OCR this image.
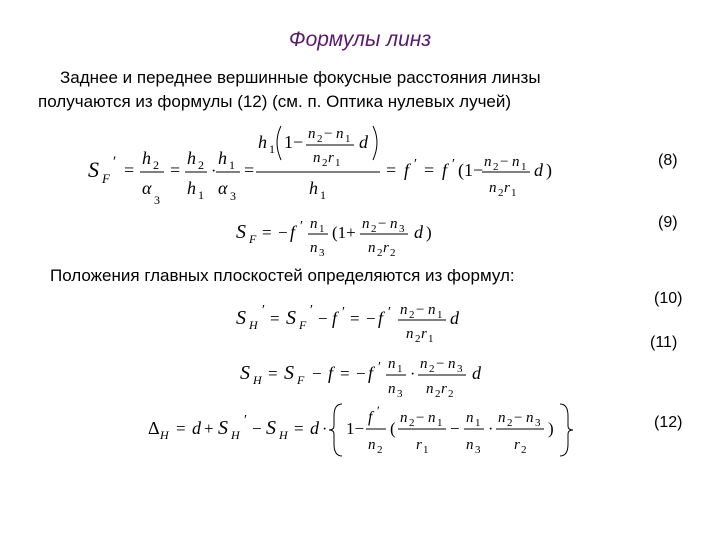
Формулы линз
Заднее и переднее вершинные фокусные расстояния линзы
получаются из формулы (12) (см. п. Оптика нулевых лучей)
S F
′ =
h 2
α
3
=
h 2
h 1
·
h 1
α 3
=
h 1 1− n 2 − n 1
n 2 r 1
d
h 1
= f ′ = f ′ (1− n 2 − n 1
n 2 r 1
d )	(8)
S F = − f ′ n 1
n 3
(1+ n 2 − n 3
n 2 r 2
d )
(9)
Положения главных плоскостей определяются из формул:
(10)
S H
′ = S F
′ − f ′ = − f ′ n 2 − n 1
n 2 r 1
d
(11)
S H = S F − f = − f ′ n 1
n 3
·
n 2 − n 3
n 2 r 2
d
(12)
Δ H = d + S H
′ − S H = d · 1−
f ′
n 2
(
n 2 − n 1
r 1
−
n 1
n 3
·
n 2 − n 3
r 2
)
